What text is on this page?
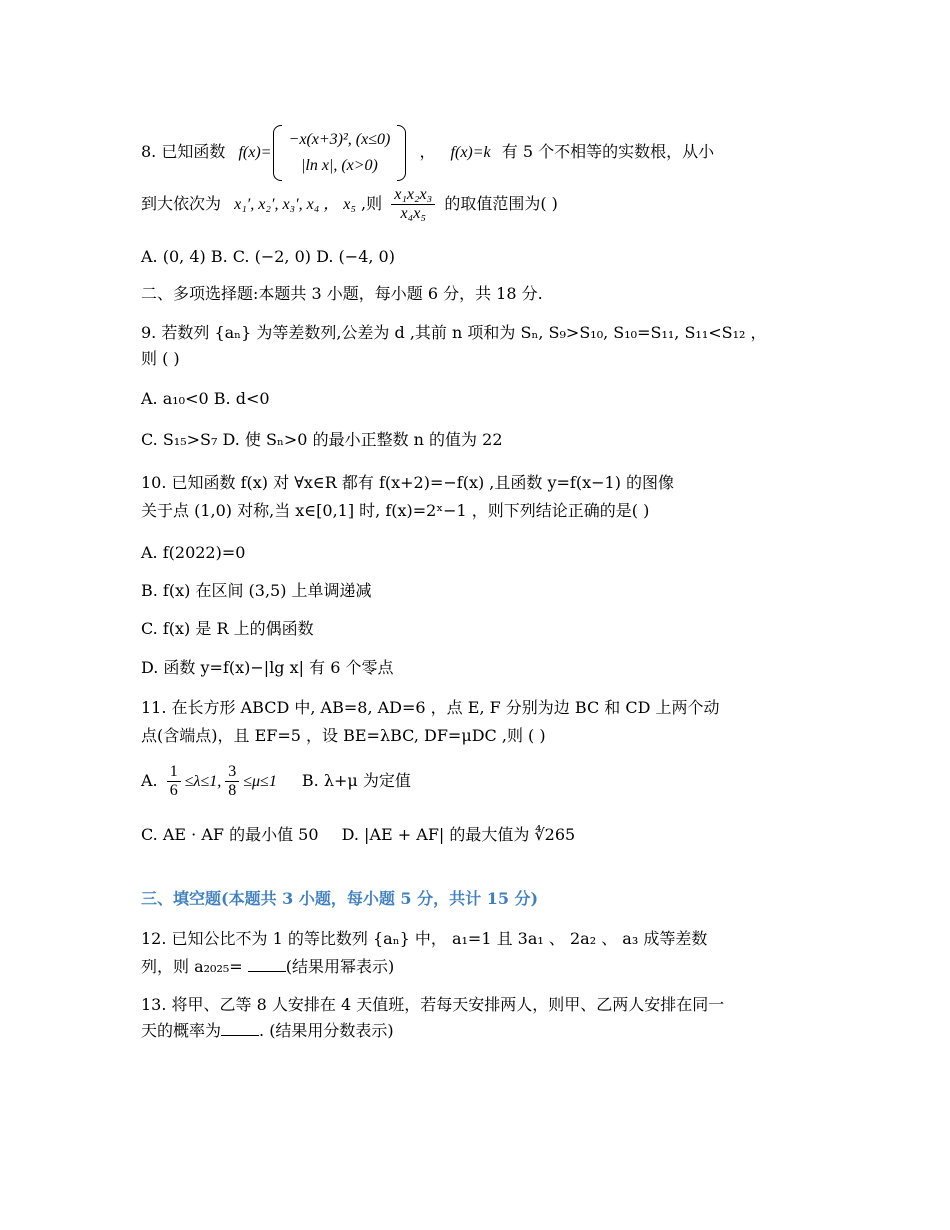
8. 已知函数 f(x)=
−x(x+3)², (x≤0)
|ln x|, (x>0)
， f(x)=k 有 5 个不相等的实数根，从小
到大依次为 x₁′, x₂′, x₃′, x₄ ， x₅ ,则 $\frac{\text{x₁x₂x₃}}{\text{x₄x₅}}$ 的取值范围为( )
A. (0, 4) B. C. (−2, 0) D. (−4, 0)
二、多项选择题:本题共 3 小题，每小题 6 分，共 18 分.
9. 若数列 {aₙ} 为等差数列,公差为 d ,其前 n 项和为 Sₙ, S₉>S₁₀, S₁₀=S₁₁, S₁₁<S₁₂ ，
则 ( )
A. a₁₀<0 B. d<0
C. S₁₅>S₇ D. 使 Sₙ>0 的最小正整数 n 的值为 22
10. 已知函数 f(x) 对 ∀x∈R 都有 f(x+2)=−f(x) ,且函数 y=f(x−1) 的图像
关于点 (1,0) 对称,当 x∈[0,1] 时, f(x)=2ˣ−1 ，则下列结论正确的是( )
A. f(2022)=0
B. f(x) 在区间 (3,5) 上单调递减
C. f(x) 是 R 上的偶函数
D. 函数 y=f(x)−|lg x| 有 6 个零点
11. 在长方形 ABCD 中, AB=8, AD=6 ，点 E, F 分别为边 BC 和 CD 上两个动
点(含端点)，且 EF=5 ，设 BE=λBC, DF=μDC ,则 ( )
A. $\frac{1}{6} \le\lambda\le 1$, $\frac{3}{8} \le\mu\le 1$ B. λ+μ 为定值
C. AE · AF 的最小值 50 D. |AE + AF| 的最大值为 ∜265
三、填空题(本题共 3 小题，每小题 5 分，共计 15 分)
12. 已知公比不为 1 的等比数列 {aₙ} 中， a₁=1 且 3a₁ 、 2a₂ 、 a₃ 成等差数
列，则 a₂₀₂₅=	(结果用幂表示)
13. 将甲、乙等 8 人安排在 4 天值班，若每天安排两人，则甲、乙两人安排在同一
天的概率为 . (结果用分数表示)
